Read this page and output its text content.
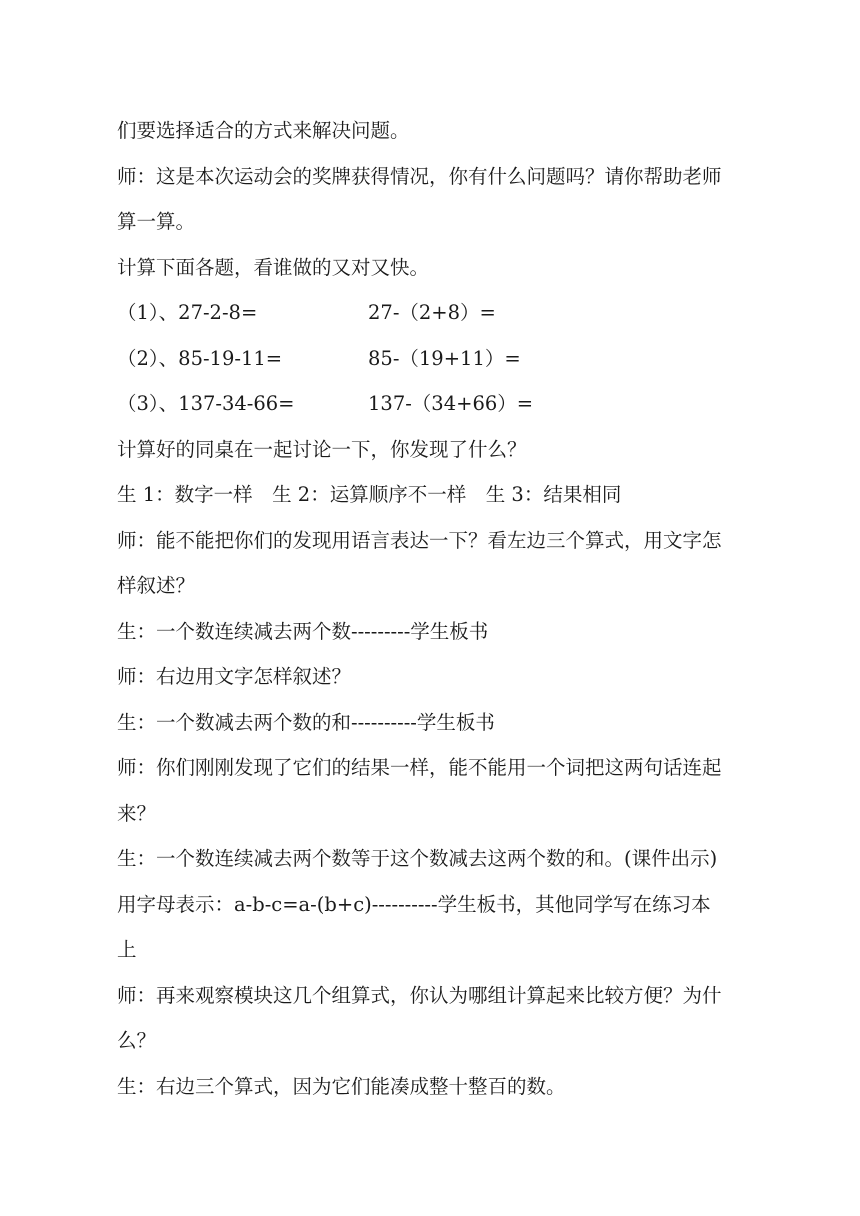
们要选择适合的方式来解决问题。
师：这是本次运动会的奖牌获得情况，你有什么问题吗？请你帮助老师
算一算。
计算下面各题，看谁做的又对又快。
（1）、27-2-8=	27-（2+8）=
（2）、85-19-11=	85-（19+11）=
（3）、137-34-66=	137-（34+66）=
计算好的同桌在一起讨论一下，你发现了什么？
生 1：数字一样　生 2：运算顺序不一样　生 3：结果相同
师：能不能把你们的发现用语言表达一下？看左边三个算式，用文字怎
样叙述？
生：一个数连续减去两个数---------学生板书
师：右边用文字怎样叙述？
生：一个数减去两个数的和----------学生板书
师：你们刚刚发现了它们的结果一样，能不能用一个词把这两句话连起
来？
生：一个数连续减去两个数等于这个数减去这两个数的和。(课件出示)
用字母表示：a-b-c=a-(b+c)----------学生板书，其他同学写在练习本
上
师：再来观察模块这几个组算式，你认为哪组计算起来比较方便？为什
么？
生：右边三个算式，因为它们能凑成整十整百的数。
